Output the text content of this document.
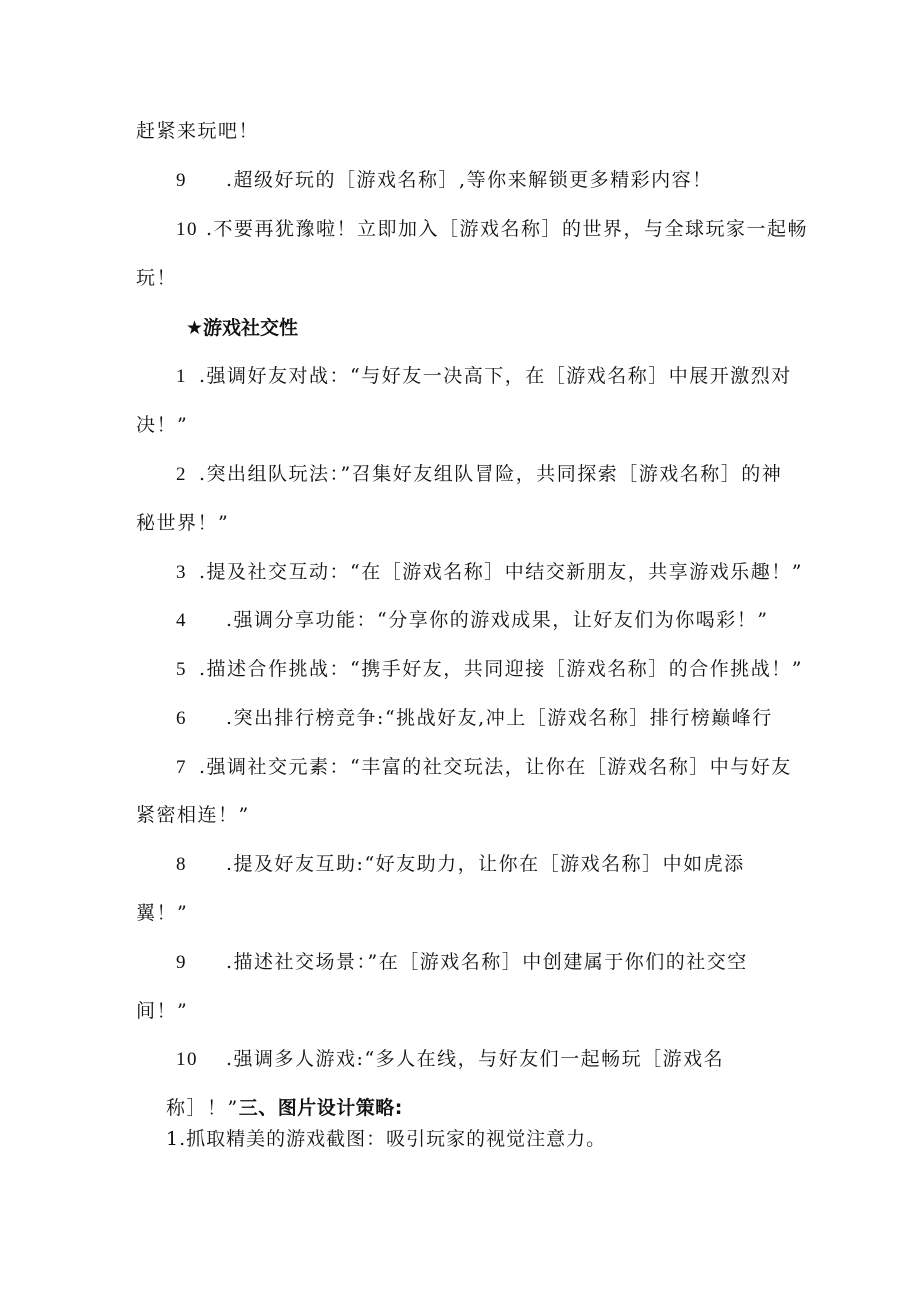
赶紧来玩吧！
9 .超级好玩的［游戏名称］,等你来解锁更多精彩内容！
10 .不要再犹豫啦！立即加入［游戏名称］的世界，与全球玩家一起畅
玩！
★游戏社交性
1 .强调好友对战：“与好友一决高下，在［游戏名称］中展开激烈对
决！”
2 .突出组队玩法：”召集好友组队冒险，共同探索［游戏名称］的神
秘世界！”
3 .提及社交互动：“在［游戏名称］中结交新朋友，共享游戏乐趣！”
4 .强调分享功能：“分享你的游戏成果，让好友们为你喝彩！”
5 .描述合作挑战：“携手好友，共同迎接［游戏名称］的合作挑战！”
6 .突出排行榜竞争:“挑战好友,冲上［游戏名称］排行榜巅峰行
7 .强调社交元素：“丰富的社交玩法，让你在［游戏名称］中与好友
紧密相连！”
8 .提及好友互助:“好友助力，让你在［游戏名称］中如虎添
翼！”
9 .描述社交场景：”在［游戏名称］中创建属于你们的社交空
间！”
10 .强调多人游戏:“多人在线，与好友们一起畅玩［游戏名
称］！”三、图片设计策略:
1.抓取精美的游戏截图：吸引玩家的视觉注意力。
